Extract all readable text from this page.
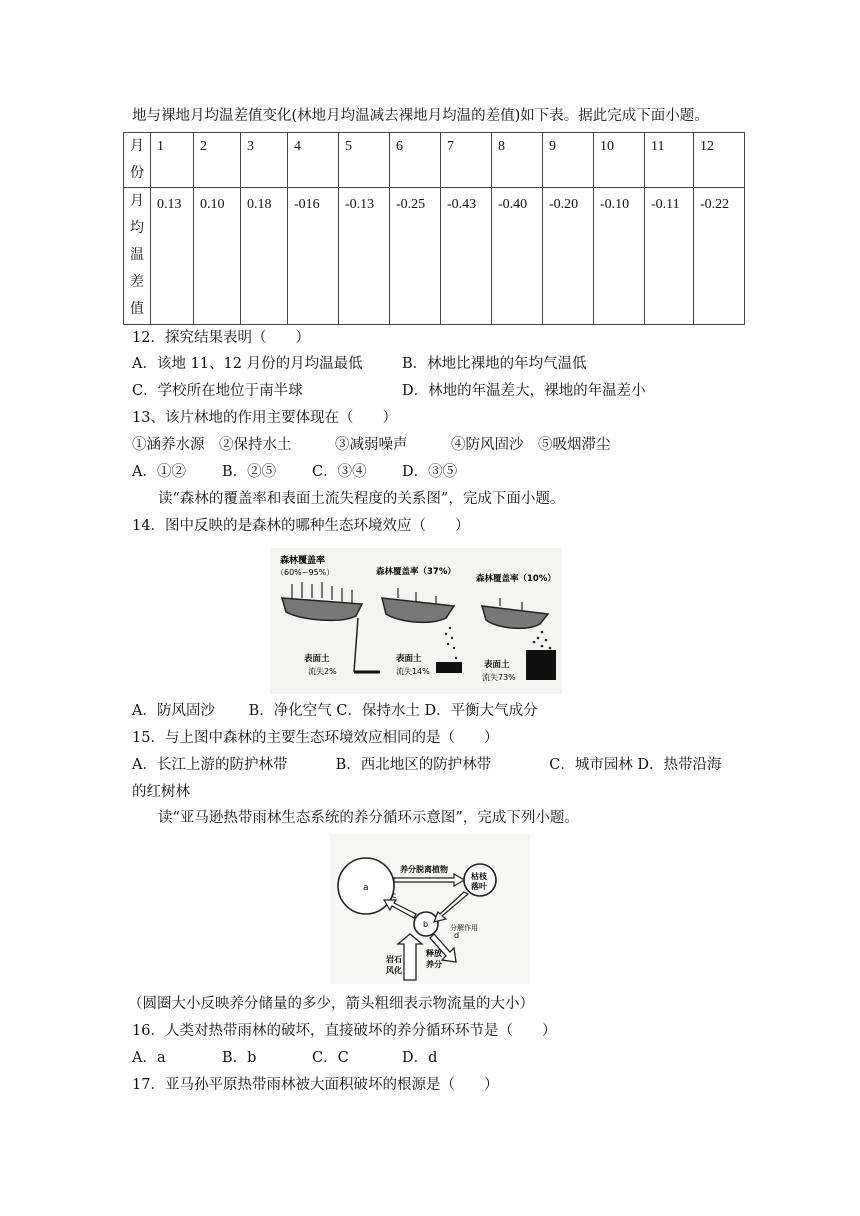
地与裸地月均温差值变化(林地月均温减去裸地月均温的差值)如下表。据此完成下面小题。
月份	1	2	3	4	5	6	7	8	9	10	11	12

月均温差值	0.13	0.10	0.18	-016	-0.13	-0.25	-0.43	-0.40	-0.20	-0.10	-0.11	-0.22
12．探究结果表明（　　）
A．该地 11、12 月份的月均温最低	B．林地比裸地的年均气温低
C．学校所在地位于南半球	D．林地的年温差大，裸地的年温差小
13、该片林地的作用主要体现在（　　）
①涵养水源　②保持水土　　　③减弱噪声　　　④防风固沙　⑤吸烟滞尘
A．①② B．②⑤ C．③④ D．③⑤
读“森林的覆盖率和表面土流失程度的关系图”，完成下面小题。
14．图中反映的是森林的哪种生态环境效应（　　）
森林覆盖率
（60%~95%）
表面土
流失2%
森林覆盖率（37%）
表面土
流失14%
森林覆盖率（10%）
表面土
流失73%
A．防风固沙　　 B．净化空气 C．保持水土 D．平衡大气成分
15．与上图中森林的主要生态环境效应相同的是（　　）
A．长江上游的防护林带　　　 B．西北地区的防护林带　　　　C．城市园林 D．热带沿海
的红树林
读“亚马逊热带雨林生态系统的养分循环示意图”，完成下列小题。
a
枯枝
落叶
b
养分脱离植物
分解作用
c
岩石
风化
d
释放
养分
（圆圈大小反映养分储量的多少，箭头粗细表示物流量的大小）
16．人类对热带雨林的破坏，直接破坏的养分循环环节是（　　）
A．a	B．b	C．C	D．d
17．亚马孙平原热带雨林被大面积破坏的根源是（　　）
